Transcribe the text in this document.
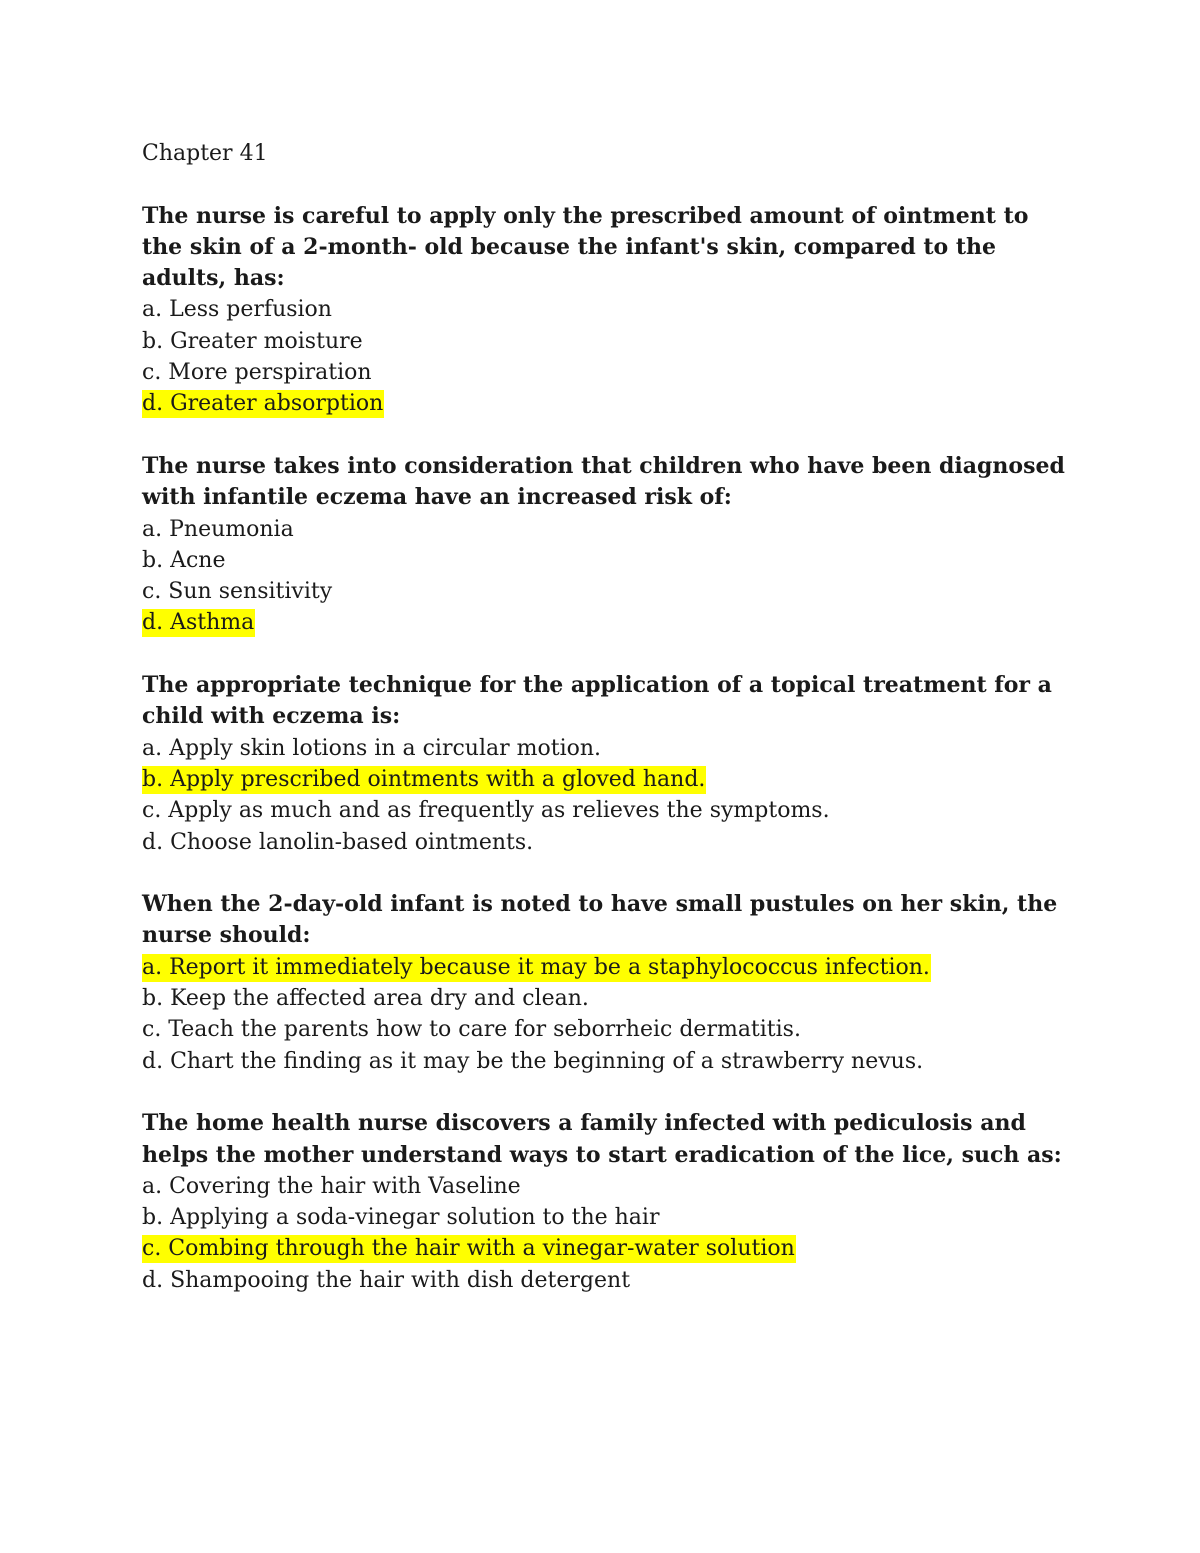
Chapter 41

The nurse is careful to apply only the prescribed amount of ointment to the skin of a 2-month- old because the infant's skin, compared to the adults, has:

a. Less perfusion

b. Greater moisture

c. More perspiration

d. Greater absorption

The nurse takes into consideration that children who have been diagnosed with infantile eczema have an increased risk of:

a. Pneumonia

b. Acne

c. Sun sensitivity

d. Asthma

The appropriate technique for the application of a topical treatment for a child with eczema is:

a. Apply skin lotions in a circular motion.

b. Apply prescribed ointments with a gloved hand.

c. Apply as much and as frequently as relieves the symptoms.

d. Choose lanolin-based ointments.

When the 2-day-old infant is noted to have small pustules on her skin, the nurse should:

a. Report it immediately because it may be a staphylococcus infection.

b. Keep the affected area dry and clean.

c. Teach the parents how to care for seborrheic dermatitis.

d. Chart the finding as it may be the beginning of a strawberry nevus.

The home health nurse discovers a family infected with pediculosis and helps the mother understand ways to start eradication of the lice, such as:

a. Covering the hair with Vaseline

b. Applying a soda-vinegar solution to the hair

c. Combing through the hair with a vinegar-water solution

d. Shampooing the hair with dish detergent
